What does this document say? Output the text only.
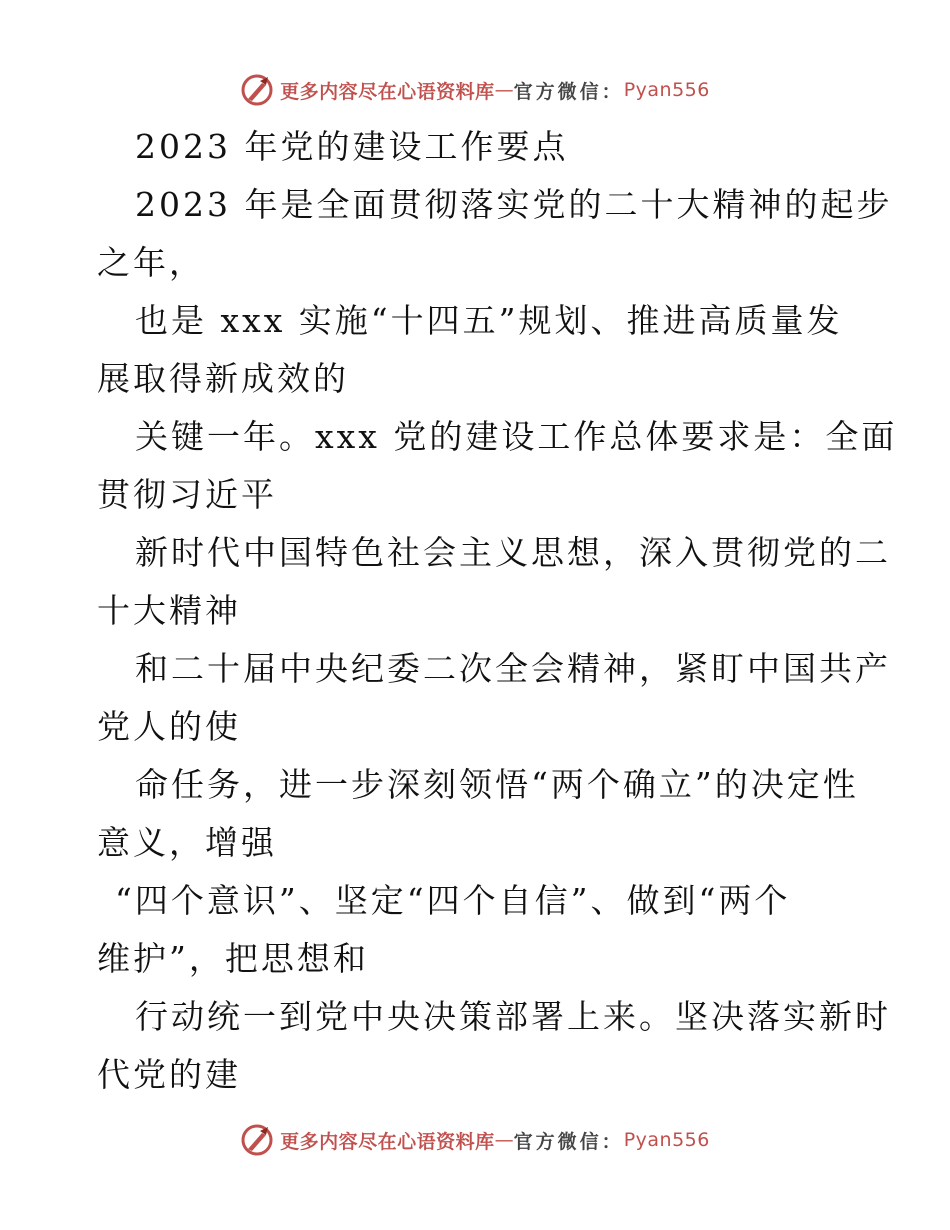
更多内容尽在心语资料库 — 官方微信： Pyan556
2023 年党的建设工作要点
2023 年是全面贯彻落实党的二十大精神的起步
之年，
也是 xxx 实施“十四五”规划、推进高质量发
展取得新成效的
关键一年。xxx 党的建设工作总体要求是：全面
贯彻习近平
新时代中国特色社会主义思想，深入贯彻党的二
十大精神
和二十届中央纪委二次全会精神，紧盯中国共产
党人的使
命任务，进一步深刻领悟“两个确立”的决定性
意义，增强
“四个意识”、坚定“四个自信”、做到“两个
维护”，把思想和
行动统一到党中央决策部署上来。坚决落实新时
代党的建
更多内容尽在心语资料库 — 官方微信： Pyan556
